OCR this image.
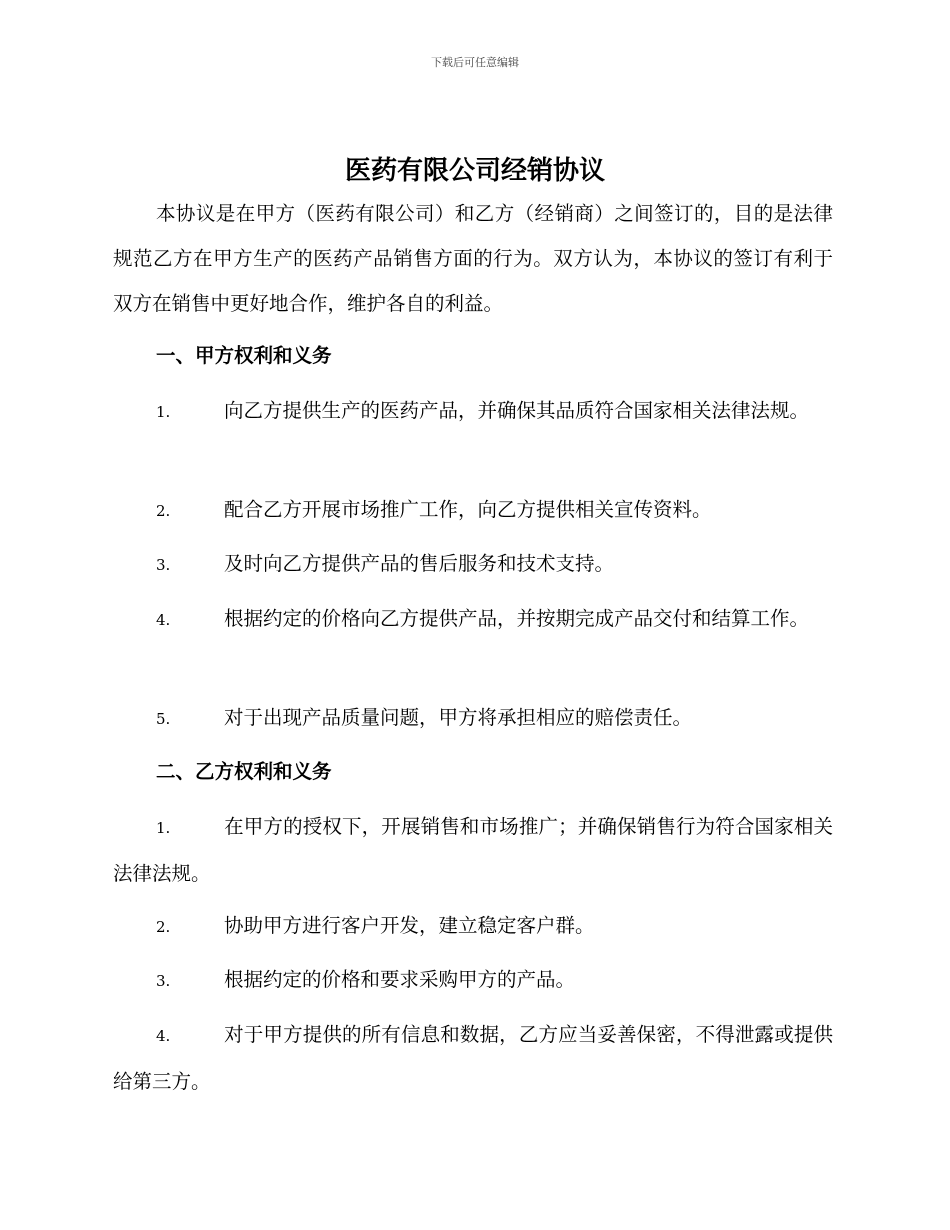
下载后可任意编辑
医药有限公司经销协议

本协议是在甲方（医药有限公司）和乙方（经销商）之间签订的，目的是法律规范乙方在甲方生产的医药产品销售方面的行为。双方认为，本协议的签订有利于双方在销售中更好地合作，维护各自的利益。

一、甲方权利和义务

1.	向乙方提供生产的医药产品，并确保其品质符合国家相关法律法规。

2.	配合乙方开展市场推广工作，向乙方提供相关宣传资料。

3.	及时向乙方提供产品的售后服务和技术支持。

4.	根据约定的价格向乙方提供产品，并按期完成产品交付和结算工作。

5.	对于出现产品质量问题，甲方将承担相应的赔偿责任。

二、乙方权利和义务

1.	在甲方的授权下，开展销售和市场推广；并确保销售行为符合国家相关法律法规。

2.	协助甲方进行客户开发，建立稳定客户群。

3.	根据约定的价格和要求采购甲方的产品。

4.	对于甲方提供的所有信息和数据，乙方应当妥善保密，不得泄露或提供给第三方。
